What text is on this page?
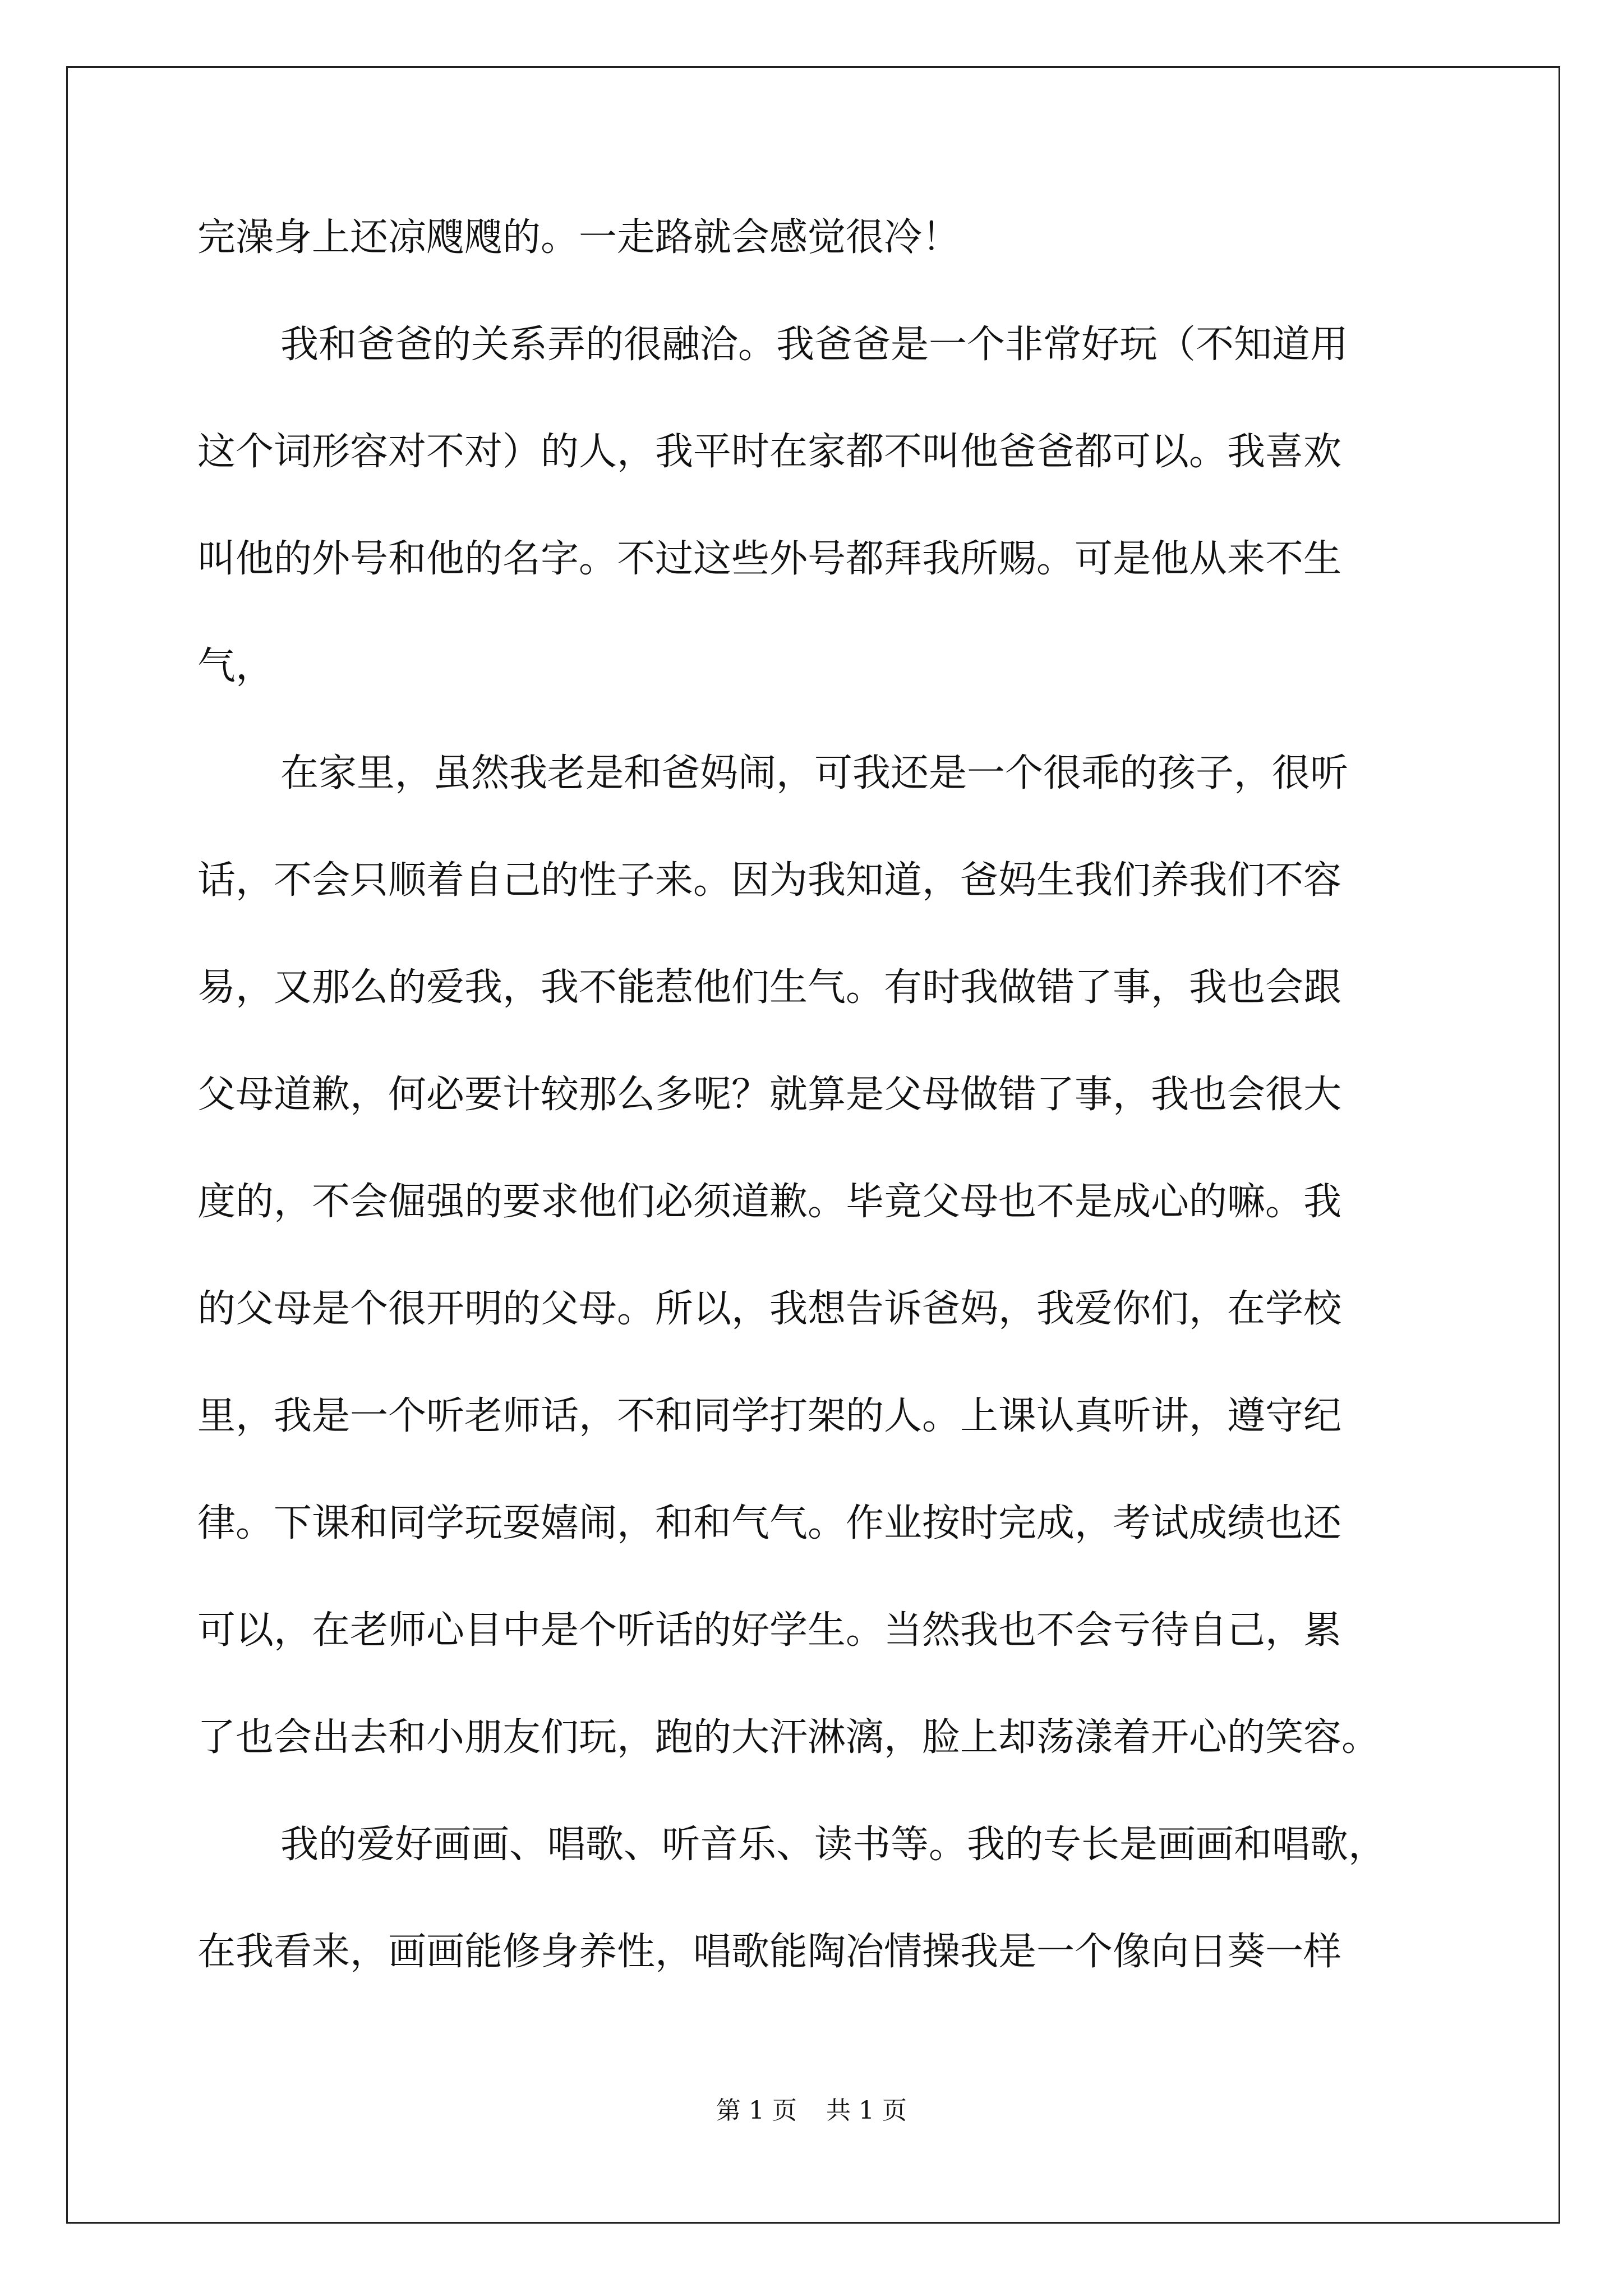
完澡身上还凉飕飕的。一走路就会感觉很冷！
我和爸爸的关系弄的很融洽。我爸爸是一个非常好玩（不知道用
这个词形容对不对）的人，我平时在家都不叫他爸爸都可以。我喜欢
叫他的外号和他的名字。不过这些外号都拜我所赐。可是他从来不生
气，
在家里，虽然我老是和爸妈闹，可我还是一个很乖的孩子，很听
话，不会只顺着自己的性子来。因为我知道，爸妈生我们养我们不容
易，又那么的爱我，我不能惹他们生气。有时我做错了事，我也会跟
父母道歉，何必要计较那么多呢？就算是父母做错了事，我也会很大
度的，不会倔强的要求他们必须道歉。毕竟父母也不是成心的嘛。我
的父母是个很开明的父母。所以，我想告诉爸妈，我爱你们，在学校
里，我是一个听老师话，不和同学打架的人。上课认真听讲，遵守纪
律。下课和同学玩耍嬉闹，和和气气。作业按时完成，考试成绩也还
可以，在老师心目中是个听话的好学生。当然我也不会亏待自己，累
了也会出去和小朋友们玩，跑的大汗淋漓，脸上却荡漾着开心的笑容。
我的爱好画画、唱歌、听音乐、读书等。我的专长是画画和唱歌，
在我看来，画画能修身养性，唱歌能陶冶情操我是一个像向日葵一样
第 1 页 共 1 页
